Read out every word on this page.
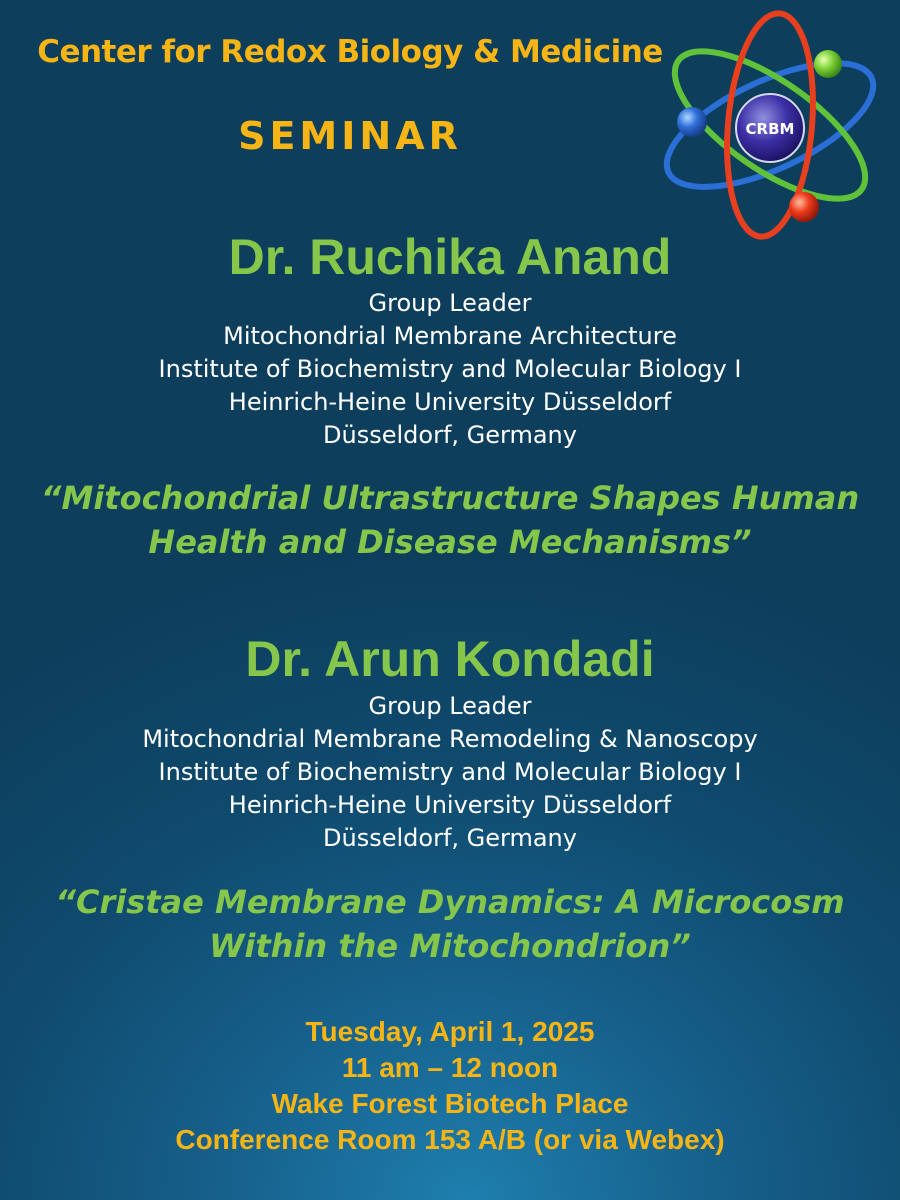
Center for Redox Biology & Medicine
SEMINAR	CRBM
Dr. Ruchika Anand
Group Leader
Mitochondrial Membrane Architecture
Institute of Biochemistry and Molecular Biology I
Heinrich-Heine University Düsseldorf
Düsseldorf, Germany
“Mitochondrial Ultrastructure Shapes Human
Health and Disease Mechanisms”
Dr. Arun Kondadi
Group Leader
Mitochondrial Membrane Remodeling & Nanoscopy
Institute of Biochemistry and Molecular Biology I
Heinrich-Heine University Düsseldorf
Düsseldorf, Germany
“Cristae Membrane Dynamics: A Microcosm
Within the Mitochondrion”
Tuesday, April 1, 2025
11 am – 12 noon
Wake Forest Biotech Place
Conference Room 153 A/B (or via Webex)
